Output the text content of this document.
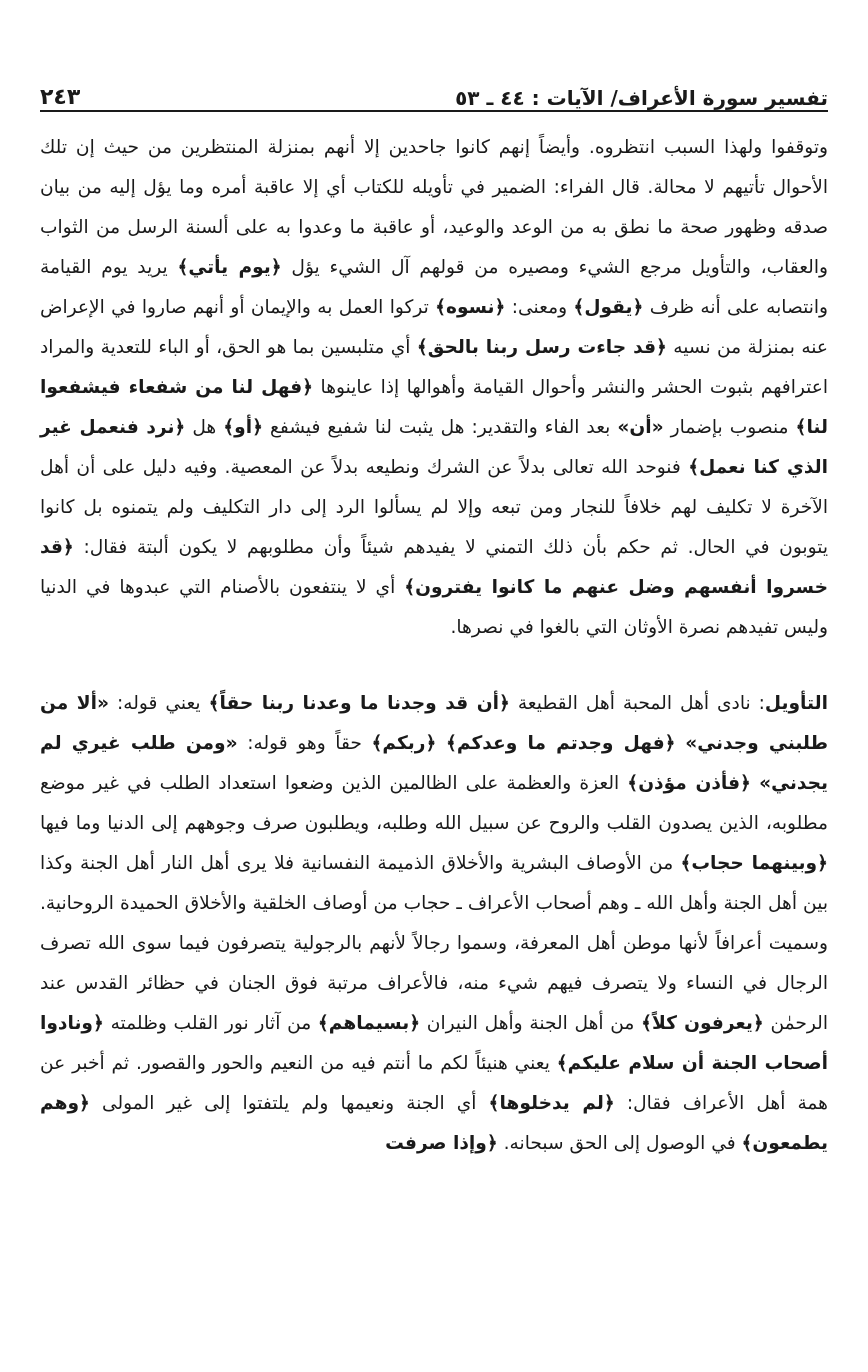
تفسير سورة الأعراف/ الآيات : ٤٤ ـ ٥٣
٢٤٣

وتوقفوا ولهذا السبب انتظروه. وأيضاً إنهم كانوا جاحدين إلا أنهم بمنزلة المنتظرين من حيث إن تلك الأحوال تأتيهم لا محالة. قال الفراء: الضمير في تأويله للكتاب أي إلا عاقبة أمره وما يؤل إليه من بيان صدقه وظهور صحة ما نطق به من الوعد والوعيد، أو عاقبة ما وعدوا به على ألسنة الرسل من الثواب والعقاب، والتأويل مرجع الشيء ومصيره من قولهم آل الشيء يؤل ﴿يوم يأتي﴾ يريد يوم القيامة وانتصابه على أنه ظرف ﴿يقول﴾ ومعنى: ﴿نسوه﴾ تركوا العمل به والإيمان أو أنهم صاروا في الإعراض عنه بمنزلة من نسيه ﴿قد جاءت رسل ربنا بالحق﴾ أي متلبسين بما هو الحق، أو الباء للتعدية والمراد اعترافهم بثبوت الحشر والنشر وأحوال القيامة وأهوالها إذا عاينوها ﴿فهل لنا من شفعاء فيشفعوا لنا﴾ منصوب بإضمار «أن» بعد الفاء والتقدير: هل يثبت لنا شفيع فيشفع ﴿أو﴾ هل ﴿نرد فنعمل غير الذي كنا نعمل﴾ فنوحد الله تعالى بدلاً عن الشرك ونطيعه بدلاً عن المعصية. وفيه دليل على أن أهل الآخرة لا تكليف لهم خلافاً للنجار ومن تبعه وإلا لم يسألوا الرد إلى دار التكليف ولم يتمنوه بل كانوا يتوبون في الحال. ثم حكم بأن ذلك التمني لا يفيدهم شيئاً وأن مطلوبهم لا يكون ألبتة فقال: ﴿قد خسروا أنفسهم وضل عنهم ما كانوا يفترون﴾ أي لا ينتفعون بالأصنام التي عبدوها في الدنيا وليس تفيدهم نصرة الأوثان التي بالغوا في نصرها.

التأويل: نادى أهل المحبة أهل القطيعة ﴿أن قد وجدنا ما وعدنا ربنا حقاً﴾ يعني قوله: «ألا من طلبني وجدني» ﴿فهل وجدتم ما وعدكم﴾ ﴿ربكم﴾ حقاً وهو قوله: «ومن طلب غيري لم يجدني» ﴿فأذن مؤذن﴾ العزة والعظمة على الظالمين الذين وضعوا استعداد الطلب في غير موضع مطلوبه، الذين يصدون القلب والروح عن سبيل الله وطلبه، ويطلبون صرف وجوههم إلى الدنيا وما فيها ﴿وبينهما حجاب﴾ من الأوصاف البشرية والأخلاق الذميمة النفسانية فلا يرى أهل النار أهل الجنة وكذا بين أهل الجنة وأهل الله ـ وهم أصحاب الأعراف ـ حجاب من أوصاف الخلقية والأخلاق الحميدة الروحانية. وسميت أعرافاً لأنها موطن أهل المعرفة، وسموا رجالاً لأنهم بالرجولية يتصرفون فيما سوى الله تصرف الرجال في النساء ولا يتصرف فيهم شيء منه، فالأعراف مرتبة فوق الجنان في حظائر القدس عند الرحمٰن ﴿يعرفون كلاً﴾ من أهل الجنة وأهل النيران ﴿بسيماهم﴾ من آثار نور القلب وظلمته ﴿ونادوا أصحاب الجنة أن سلام عليكم﴾ يعني هنيئاً لكم ما أنتم فيه من النعيم والحور والقصور. ثم أخبر عن همة أهل الأعراف فقال: ﴿لم يدخلوها﴾ أي الجنة ونعيمها ولم يلتفتوا إلى غير المولى ﴿وهم يطمعون﴾ في الوصول إلى الحق سبحانه. ﴿وإذا صرفت
